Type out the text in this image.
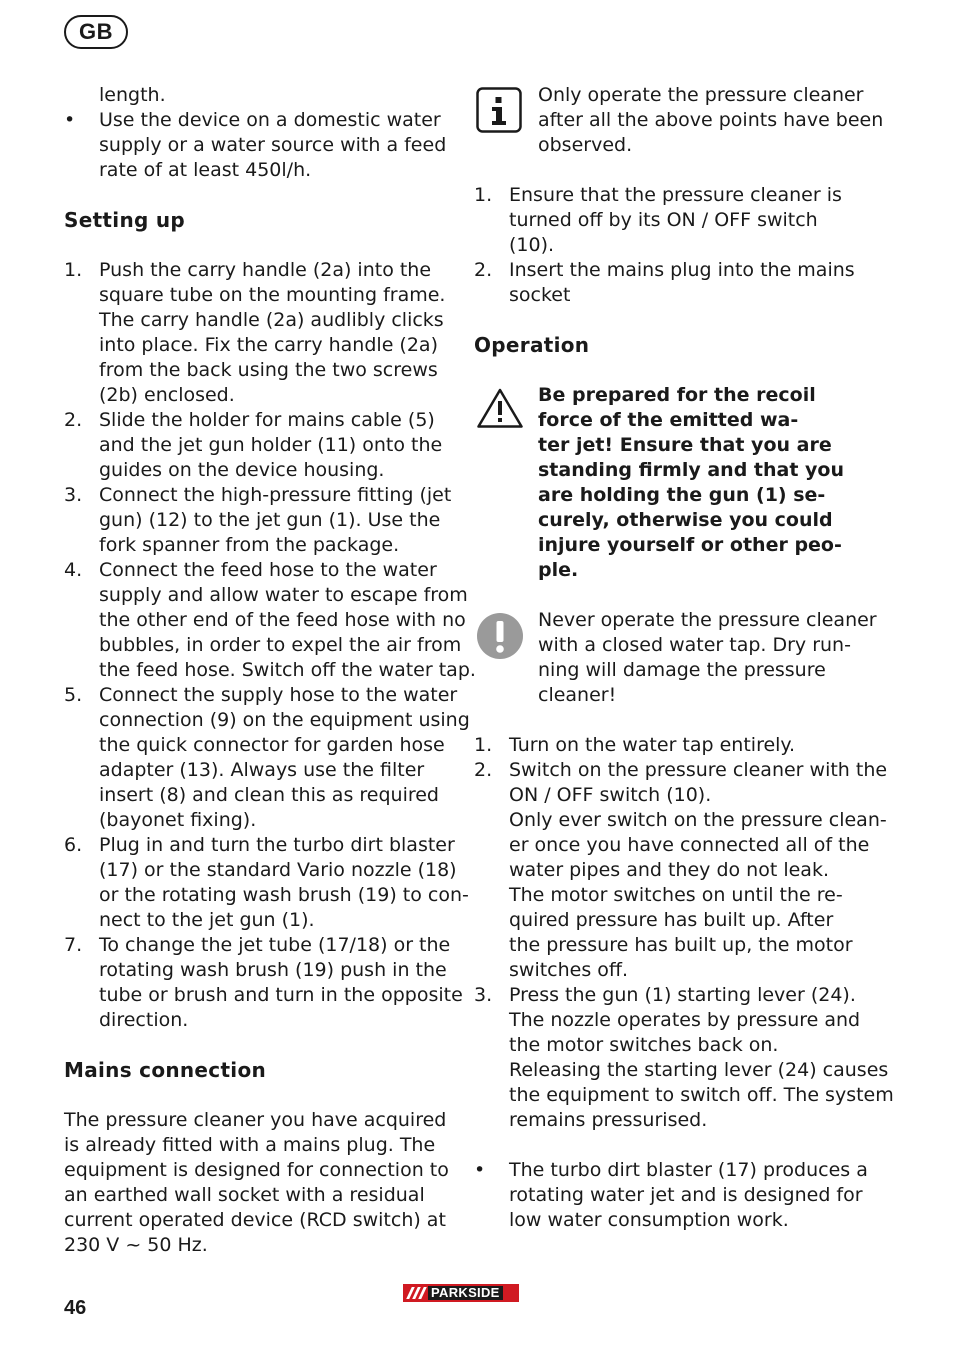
GB
length.
• Use the device on a domestic water
supply or a water source with a feed
rate of at least 450l/h.
Setting up
1. Push the carry handle (2a) into the
square tube on the mounting frame.
The carry handle (2a) audlibly clicks
into place. Fix the carry handle (2a)
from the back using the two screws
(2b) enclosed.
2. Slide the holder for mains cable (5)
and the jet gun holder (11) onto the
guides on the device housing.
3. Connect the high-pressure fitting (jet
gun) (12) to the jet gun (1). Use the
fork spanner from the package.
4. Connect the feed hose to the water
supply and allow water to escape from
the other end of the feed hose with no
bubbles, in order to expel the air from
the feed hose. Switch off the water tap.
5. Connect the supply hose to the water
connection (9) on the equipment using
the quick connector for garden hose
adapter (13). Always use the filter
insert (8) and clean this as required
(bayonet fixing).
6. Plug in and turn the turbo dirt blaster
(17) or the standard Vario nozzle (18)
or the rotating wash brush (19) to con-
nect to the jet gun (1).
7. To change the jet tube (17/18) or the
rotating wash brush (19) push in the
tube or brush and turn in the opposite
direction.
Mains connection
The pressure cleaner you have acquired
is already fitted with a mains plug. The
equipment is designed for connection to
an earthed wall socket with a residual
current operated device (RCD switch) at
230 V ~ 50 Hz.
Only operate the pressure cleaner
after all the above points have been
observed.
1. Ensure that the pressure cleaner is
turned off by its ON / OFF switch
(10).
2. Insert the mains plug into the mains
socket
Operation
Be prepared for the recoil
force of the emitted wa-
ter jet! Ensure that you are
standing firmly and that you
are holding the gun (1) se-
curely, otherwise you could
injure yourself or other peo-
ple.
Never operate the pressure cleaner
with a closed water tap. Dry run-
ning will damage the pressure
cleaner!
1. Turn on the water tap entirely.
2. Switch on the pressure cleaner with the
ON / OFF switch (10).
Only ever switch on the pressure clean-
er once you have connected all of the
water pipes and they do not leak.
The motor switches on until the re-
quired pressure has built up. After
the pressure has built up, the motor
switches off.
3. Press the gun (1) starting lever (24).
The nozzle operates by pressure and
the motor switches back on.
Releasing the starting lever (24) causes
the equipment to switch off. The system
remains pressurised.
• The turbo dirt blaster (17) produces a
rotating water jet and is designed for
low water consumption work.
46
PARKSIDE
